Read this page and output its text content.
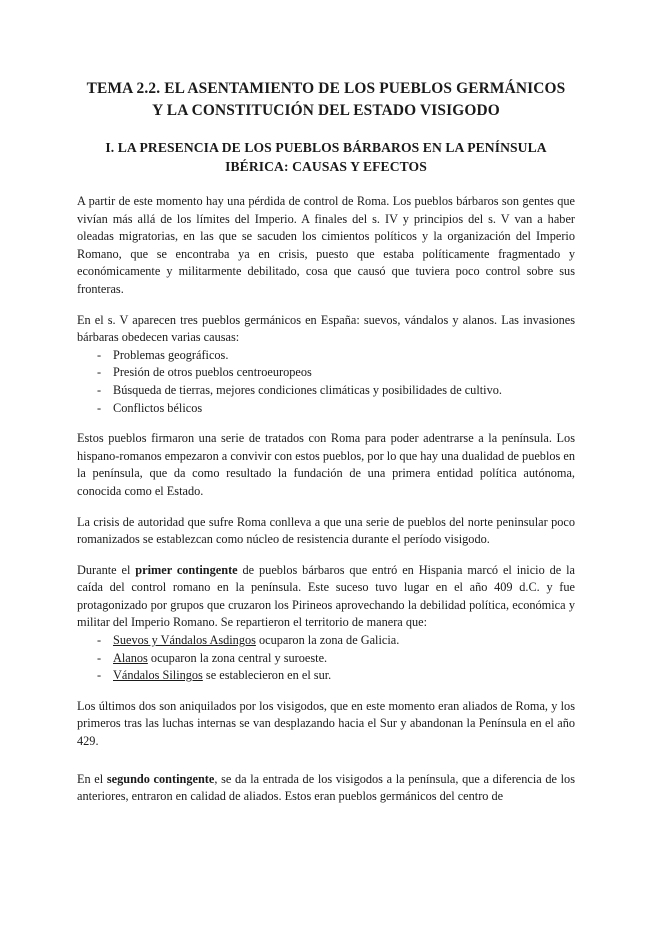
TEMA 2.2. EL ASENTAMIENTO DE LOS PUEBLOS GERMÁNICOS
Y LA CONSTITUCIÓN DEL ESTADO VISIGODO
I. LA PRESENCIA DE LOS PUEBLOS BÁRBAROS EN LA PENÍNSULA
IBÉRICA: CAUSAS Y EFECTOS

A partir de este momento hay una pérdida de control de Roma. Los pueblos bárbaros son gentes que vivían más allá de los límites del Imperio. A finales del s. IV y principios del s. V van a haber oleadas migratorias, en las que se sacuden los cimientos políticos y la organización del Imperio Romano, que se encontraba ya en crisis, puesto que estaba políticamente fragmentado y económicamente y militarmente debilitado, cosa que causó que tuviera poco control sobre sus fronteras.

En el s. V aparecen tres pueblos germánicos en España: suevos, vándalos y alanos. Las invasiones bárbaras obedecen varias causas:

- Problemas geográficos.
- Presión de otros pueblos centroeuropeos
- Búsqueda de tierras, mejores condiciones climáticas y posibilidades de cultivo.
- Conflictos bélicos

Estos pueblos firmaron una serie de tratados con Roma para poder adentrarse a la península. Los hispano-romanos empezaron a convivir con estos pueblos, por lo que hay una dualidad de pueblos en la península, que da como resultado la fundación de una primera entidad política autónoma, conocida como el Estado.

La crisis de autoridad que sufre Roma conlleva a que una serie de pueblos del norte peninsular poco romanizados se establezcan como núcleo de resistencia durante el período visigodo.

Durante el primer contingente de pueblos bárbaros que entró en Hispania marcó el inicio de la caída del control romano en la península. Este suceso tuvo lugar en el año 409 d.C. y fue protagonizado por grupos que cruzaron los Pirineos aprovechando la debilidad política, económica y militar del Imperio Romano. Se repartieron el territorio de manera que:

- Suevos y Vándalos Asdingos ocuparon la zona de Galicia.
- Alanos ocuparon la zona central y suroeste.
- Vándalos Silingos se establecieron en el sur.

Los últimos dos son aniquilados por los visigodos, que en este momento eran aliados de Roma, y los primeros tras las luchas internas se van desplazando hacia el Sur y abandonan la Península en el año 429.

En el segundo contingente, se da la entrada de los visigodos a la península, que a diferencia de los anteriores, entraron en calidad de aliados. Estos eran pueblos germánicos del centro de
